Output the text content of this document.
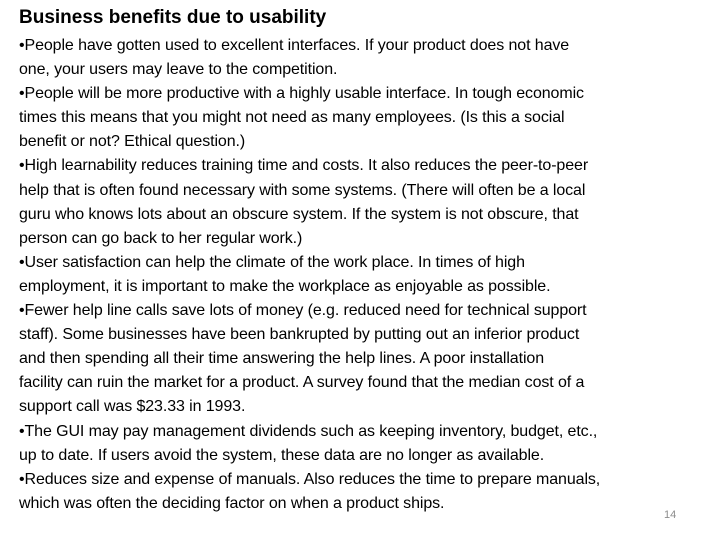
Business benefits due to usability

•People have gotten used to excellent interfaces. If your product does not have
one, your users may leave to the competition.

•People will be more productive with a highly usable interface. In tough economic
times this means that you might not need as many employees. (Is this a social
benefit or not? Ethical question.)

•High learnability reduces training time and costs. It also reduces the peer-to-peer
help that is often found necessary with some systems. (There will often be a local
guru who knows lots about an obscure system. If the system is not obscure, that
person can go back to her regular work.)

•User satisfaction can help the climate of the work place. In times of high
employment, it is important to make the workplace as enjoyable as possible.

•Fewer help line calls save lots of money (e.g. reduced need for technical support
staff). Some businesses have been bankrupted by putting out an inferior product
and then spending all their time answering the help lines. A poor installation
facility can ruin the market for a product. A survey found that the median cost of a
support call was $23.33 in 1993.

•The GUI may pay management dividends such as keeping inventory, budget, etc.,
up to date. If users avoid the system, these data are no longer as available.

•Reduces size and expense of manuals. Also reduces the time to prepare manuals,
which was often the deciding factor on when a product ships.

14
